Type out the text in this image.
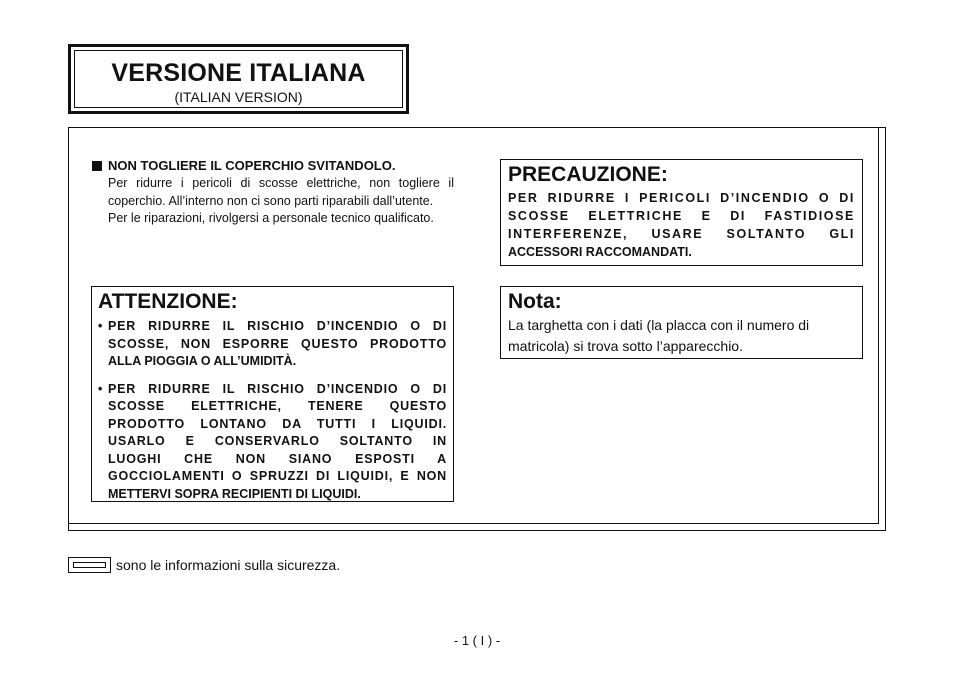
VERSIONE ITALIANA
(ITALIAN VERSION)
NON TOGLIERE IL COPERCHIO SVITANDOLO.
Per ridurre i pericoli di scosse elettriche, non togliere il coperchio. All’interno non ci sono parti riparabili dall’utente.
Per le riparazioni, rivolgersi a personale tecnico qualificato.
PRECAUZIONE:
PER RIDURRE I PERICOLI D’INCENDIO O DI
SCOSSE ELETTRICHE E DI FASTIDIOSE
INTERFERENZE, USARE SOLTANTO GLI
ACCESSORI RACCOMANDATI.
ATTENZIONE:
• PER RIDURRE IL RISCHIO D’INCENDIO O DI
SCOSSE, NON ESPORRE QUESTO PRODOTTO
ALLA PIOGGIA O ALL’UMIDITÀ.
• PER RIDURRE IL RISCHIO D’INCENDIO O DI
SCOSSE ELETTRICHE, TENERE QUESTO
PRODOTTO LONTANO DA TUTTI I LIQUIDI.
USARLO E CONSERVARLO SOLTANTO IN
LUOGHI CHE NON SIANO ESPOSTI A
GOCCIOLAMENTI O SPRUZZI DI LIQUIDI, E NON
METTERVI SOPRA RECIPIENTI DI LIQUIDI.
Nota:
La targhetta con i dati (la placca con il numero di matricola) si trova sotto l’apparecchio.
sono le informazioni sulla sicurezza.
- 1 ( I ) -
